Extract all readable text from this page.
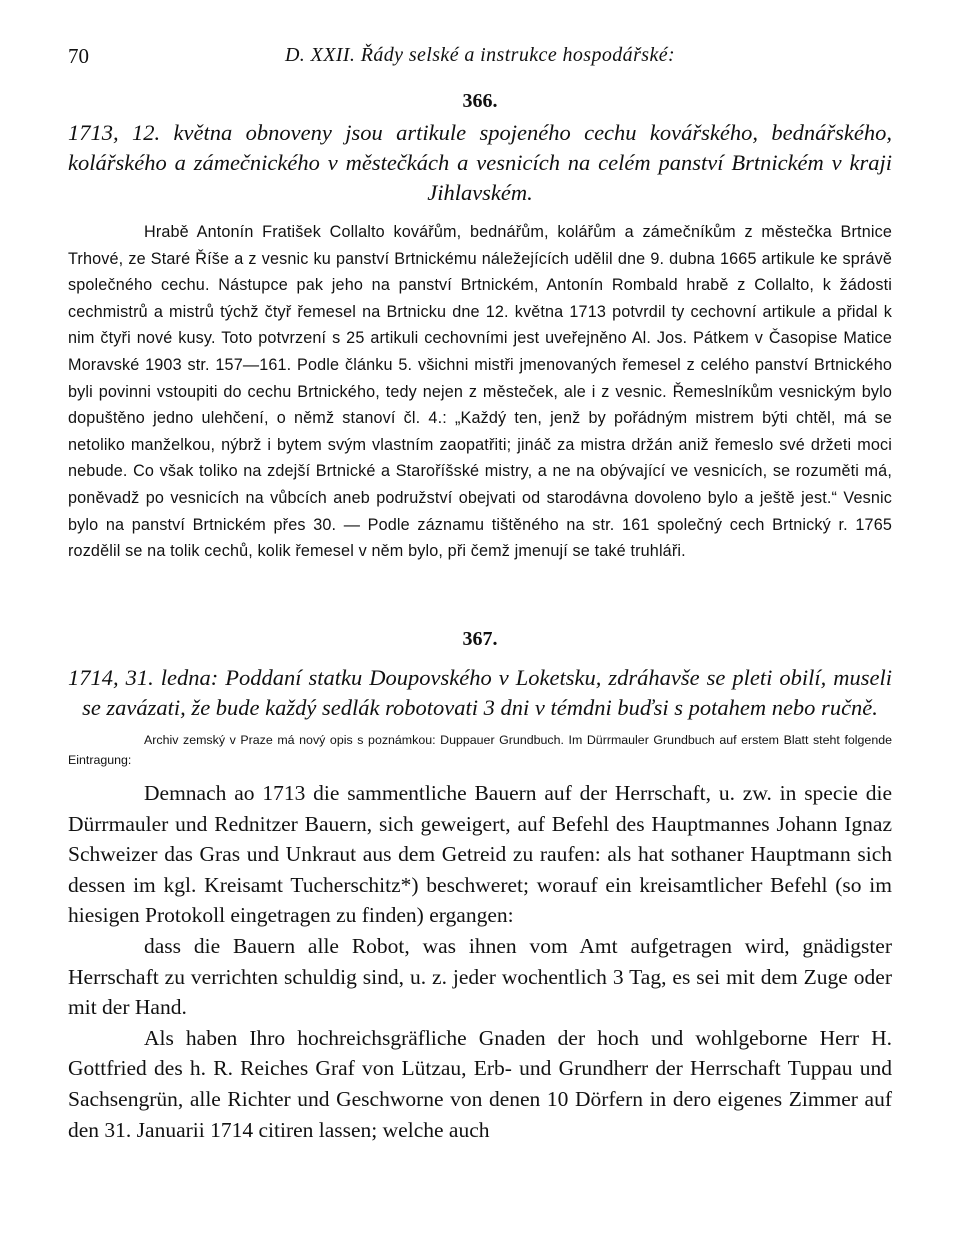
70	D. XXII. Řády selské a instrukce hospodářské:
366.
1713, 12. května obnoveny jsou artikule spojeného cechu kovářského, bednářského, kolářského a zámečnického v městečkách a vesnicích na celém panství Brtnickém v kraji Jihlavském.

Hrabě Antonín Fratišek Collalto kovářům, bednářům, kolářům a zámečníkům z městečka Brtnice Trhové, ze Staré Říše a z vesnic ku panství Brtnickému náležejících udělil dne 9. dubna 1665 artikule ke správě společného cechu. Nástupce pak jeho na panství Brtnickém, Antonín Rombald hrabě z Collalto, k žádosti cechmistrů a mistrů týchž čtyř řemesel na Brtnicku dne 12. května 1713 potvrdil ty cechovní artikule a přidal k nim čtyři nové kusy. Toto potvrzení s 25 artikuli cechovními jest uveřejněno Al. Jos. Pátkem v Časopise Matice Moravské 1903 str. 157—161. Podle článku 5. všichni mistři jmenovaných řemesel z celého panství Brtnického byli povinni vstoupiti do cechu Brtnického, tedy nejen z městeček, ale i z vesnic. Řemeslníkům vesnickým bylo dopuštěno jedno ulehčení, o němž stanoví čl. 4.: „Každý ten, jenž by pořádným mistrem býti chtěl, má se netoliko manželkou, nýbrž i bytem svým vlastním zaopatřiti; jináč za mistra držán aniž řemeslo své držeti moci nebude. Co však toliko na zdejší Brtnické a Staroříšské mistry, a ne na obývající ve vesnicích, se rozuměti má, poněvadž po vesnicích na vůbcích aneb podružství obejvati od starodávna dovoleno bylo a ještě jest.“ Vesnic bylo na panství Brtnickém přes 30. — Podle záznamu tištěného na str. 161 společný cech Brtnický r. 1765 rozdělil se na tolik cechů, kolik řemesel v něm bylo, při čemž jmenují se také truhláři.

367.
1714, 31. ledna: Poddaní statku Doupovského v Loketsku, zdráhavše se pleti obilí, museli se zavázati, že bude každý sedlák robotovati 3 dni v témdni buďsi s potahem nebo ručně.

Archiv zemský v Praze má nový opis s poznámkou: Duppauer Grundbuch. Im Dürrmauler Grundbuch auf erstem Blatt steht folgende Eintragung:

Demnach ao 1713 die sammentliche Bauern auf der Herrschaft, u. zw. in specie die Dürrmauler und Rednitzer Bauern, sich geweigert, auf Befehl des Hauptmannes Johann Ignaz Schweizer das Gras und Unkraut aus dem Getreid zu raufen: als hat sothaner Hauptmann sich dessen im kgl. Kreisamt Tucherschitz*) beschweret; worauf ein kreisamtlicher Befehl (so im hiesigen Protokoll eingetragen zu finden) ergangen:

dass die Bauern alle Robot, was ihnen vom Amt aufgetragen wird, gnädigster Herrschaft zu verrichten schuldig sind, u. z. jeder wochentlich 3 Tag, es sei mit dem Zuge oder mit der Hand.

Als haben Ihro hochreichsgräfliche Gnaden der hoch und wohlgeborne Herr H. Gottfried des h. R. Reiches Graf von Lützau, Erb- und Grundherr der Herrschaft Tuppau und Sachsengrün, alle Richter und Geschworne von denen 10 Dörfern in dero eigenes Zimmer auf den 31. Januarii 1714 citiren lassen; welche auch
